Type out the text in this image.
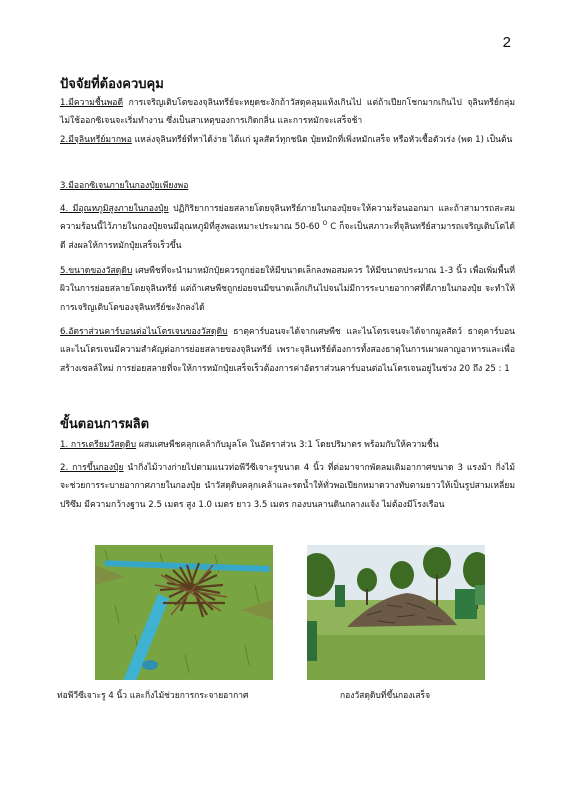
2
ปัจจัยที่ต้องควบคุม

1.มีความชื้นพอดี การเจริญเติบโตของจุลินทรีย์จะหยุดชะงักถ้าวัสดุคลุมแห้งเกินไป แต่ถ้าเปียกโชกมากเกินไป จุลินทรีย์กลุ่มไม่ใช้ออกซิเจนจะเริ่มทำงาน ซึ่งเป็นสาเหตุของการเกิดกลิ่น และการหมักจะเสร็จช้า

2.มีจุลินทรีย์มากพอ แหล่งจุลินทรีย์ที่หาได้ง่าย ได้แก่ มูลสัตว์ทุกชนิด ปุ๋ยหมักที่เพิ่งหมักเสร็จ หรือหัวเชื้อตัวเร่ง (พด 1) เป็นต้น

3.มีออกซิเจนภายในกองปุ๋ยเพียงพอ

4. มีอุณหภูมิสูงภายในกองปุ๋ย ปฏิกิริยาการย่อยสลายโดยจุลินทรีย์ภายในกองปุ๋ยจะให้ความร้อนออกมา และถ้าสามารถสะสมความร้อนนี้ไว้ภายในกองปุ๋ยจนมีอุณหภูมิที่สูงพอเหมาะประมาณ 50-60 $^O$ C ก็จะเป็นสภาวะที่จุลินทรีย์สามารถเจริญเติบโตได้ดี ส่งผลให้การหมักปุ๋ยเสร็จเร็วขึ้น

5.ขนาดของวัสดุดิบ เศษพืชที่จะนำมาหมักปุ๋ยควรถูกย่อยให้มีขนาดเล็กลงพอสมควร ให้มีขนาดประมาณ 1-3 นิ้ว เพื่อเพิ่มพื้นที่ผิวในการย่อยสลายโดยจุลินทรีย์ แต่ถ้าเศษพืชถูกย่อยจนมีขนาดเล็กเกินไปจนไม่มีการระบายอากาศที่ดีภายในกองปุ๋ย จะทำให้การเจริญเติบโตของจุลินทรีย์ชะงักลงได้

6.อัตราส่วนคาร์บอนต่อไนโตรเจนของวัสดุดิบ ธาตุคาร์บอนจะได้จากเศษพืช และไนโตรเจนจะได้จากมูลสัตว์ ธาตุคาร์บอนและไนโตรเจนมีความสำคัญต่อการย่อยสลายของจุลินทรีย์ เพราะจุลินทรีย์ต้องการทั้งสองธาตุในการเผาผลาญอาหารและเพื่อสร้างเซลล์ใหม่ การย่อยสลายที่จะให้การหมักปุ๋ยเสร็จเร็วต้องการค่าอัตราส่วนคาร์บอนต่อไนโตรเจนอยู่ในช่วง 20 ถึง 25 : 1

ขั้นตอนการผลิต

1. การเตรียมวัสดุดิบ ผสมเศษพืชคลุกเคล้ากับมูลโค ในอัตราส่วน 3:1 โดยปริมาตร พร้อมกับให้ความชื้น

2. การขึ้นกองปุ๋ย นำกิ่งไม้วางก่ายไปตามแนวท่อพีวีซีเจาะรูขนาด 4 นิ้ว ที่ต่อมาจากพัดลมเติมอากาศขนาด 3 แรงม้า กิ่งไม้จะช่วยการระบายอากาศภายในกองปุ๋ย นำวัสดุดิบคลุกเคล้าและรดน้ำให้ทั่วพอเปียกหมาดวางทับตามยาวให้เป็นรูปสามเหลี่ยมปริซึม มีความกว้างฐาน 2.5 เมตร สูง 1.0 เมตร ยาว 3.5 เมตร กองบนลานดินกลางแจ้ง ไม่ต้องมีโรงเรือน

ท่อพีวีซีเจาะรู 4 นิ้ว และกิ่งไม้ช่วยการกระจายอากาศ	กองวัสดุดิบที่ขึ้นกองเสร็จ
